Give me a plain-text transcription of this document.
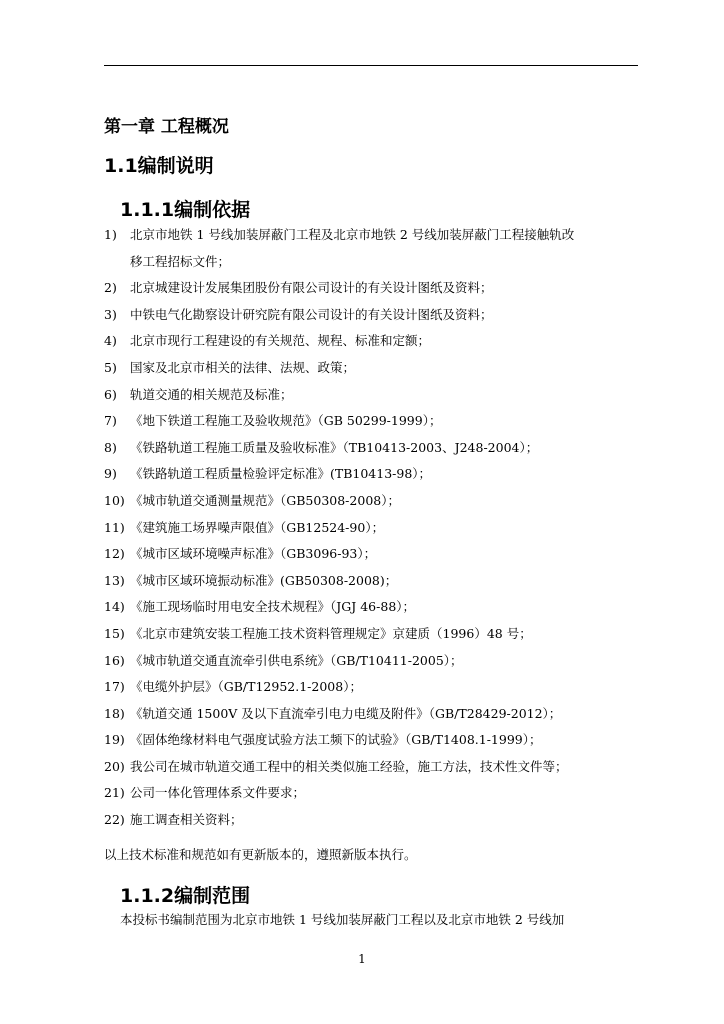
第一章 工程概况
1.1编制说明
1.1.1编制依据
1) 北京市地铁 1 号线加装屏蔽门工程及北京市地铁 2 号线加装屏蔽门工程接触轨改
移工程招标文件；
2) 北京城建设计发展集团股份有限公司设计的有关设计图纸及资料；
3) 中铁电气化勘察设计研究院有限公司设计的有关设计图纸及资料；
4) 北京市现行工程建设的有关规范、规程、标准和定额；
5) 国家及北京市相关的法律、法规、政策；
6) 轨道交通的相关规范及标准；
7) 《地下铁道工程施工及验收规范》（GB 50299-1999）；
8) 《铁路轨道工程施工质量及验收标准》（TB10413-2003、J248-2004）；
9) 《铁路轨道工程质量检验评定标准》(TB10413-98）；
10) 《城市轨道交通测量规范》（GB50308-2008）；
11) 《建筑施工场界噪声限值》（GB12524-90）；
12) 《城市区域环境噪声标准》（GB3096-93）；
13) 《城市区域环境振动标准》(GB50308-2008)；
14) 《施工现场临时用电安全技术规程》（JGJ 46-88）；
15) 《北京市建筑安装工程施工技术资料管理规定》京建质（1996）48 号；
16) 《城市轨道交通直流牵引供电系统》（GB/T10411-2005）；
17) 《电缆外护层》（GB/T12952.1-2008）；
18) 《轨道交通 1500V 及以下直流牵引电力电缆及附件》（GB/T28429-2012）；
19) 《固体绝缘材料电气强度试验方法工频下的试验》（GB/T1408.1-1999）；
20) 我公司在城市轨道交通工程中的相关类似施工经验，施工方法，技术性文件等；
21) 公司一体化管理体系文件要求；
22) 施工调查相关资料；
以上技术标准和规范如有更新版本的，遵照新版本执行。
1.1.2编制范围
本投标书编制范围为北京市地铁 1 号线加装屏蔽门工程以及北京市地铁 2 号线加
1
